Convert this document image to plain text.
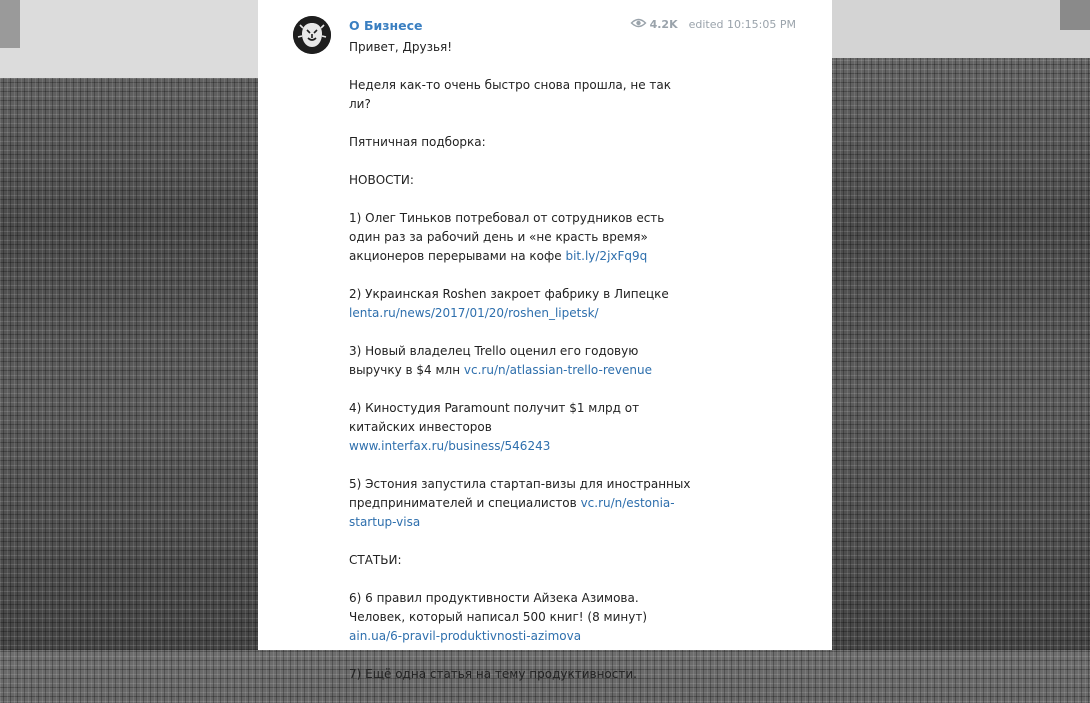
О Бизнесе	4.2K edited 10:15:05 PM

Привет, Друзья!

Неделя как-то очень быстро снова прошла, не так ли?

Пятничная подборка:

НОВОСТИ:

1) Олег Тиньков потребовал от сотрудников есть один раз за рабочий день и «не красть время» акционеров перерывами на кофе bit.ly/2jxFq9q

2) Украинская Roshen закроет фабрику в Липецке lenta.ru/news/2017/01/20/roshen_lipetsk/

3) Новый владелец Trello оценил его годовую выручку в $4 млн vc.ru/n/atlassian-trello-revenue

4) Киностудия Paramount получит $1 млрд от китайских инвесторов www.interfax.ru/business/546243

5) Эстония запустила стартап-визы для иностранных предпринимателей и специалистов vc.ru/n/estonia-startup-visa

СТАТЬИ:

6) 6 правил продуктивности Айзека Азимова. Человек, который написал 500 книг! (8 минут) ain.ua/6-pravil-produktivnosti-azimova

7) Ещё одна статья на тему продуктивности.
